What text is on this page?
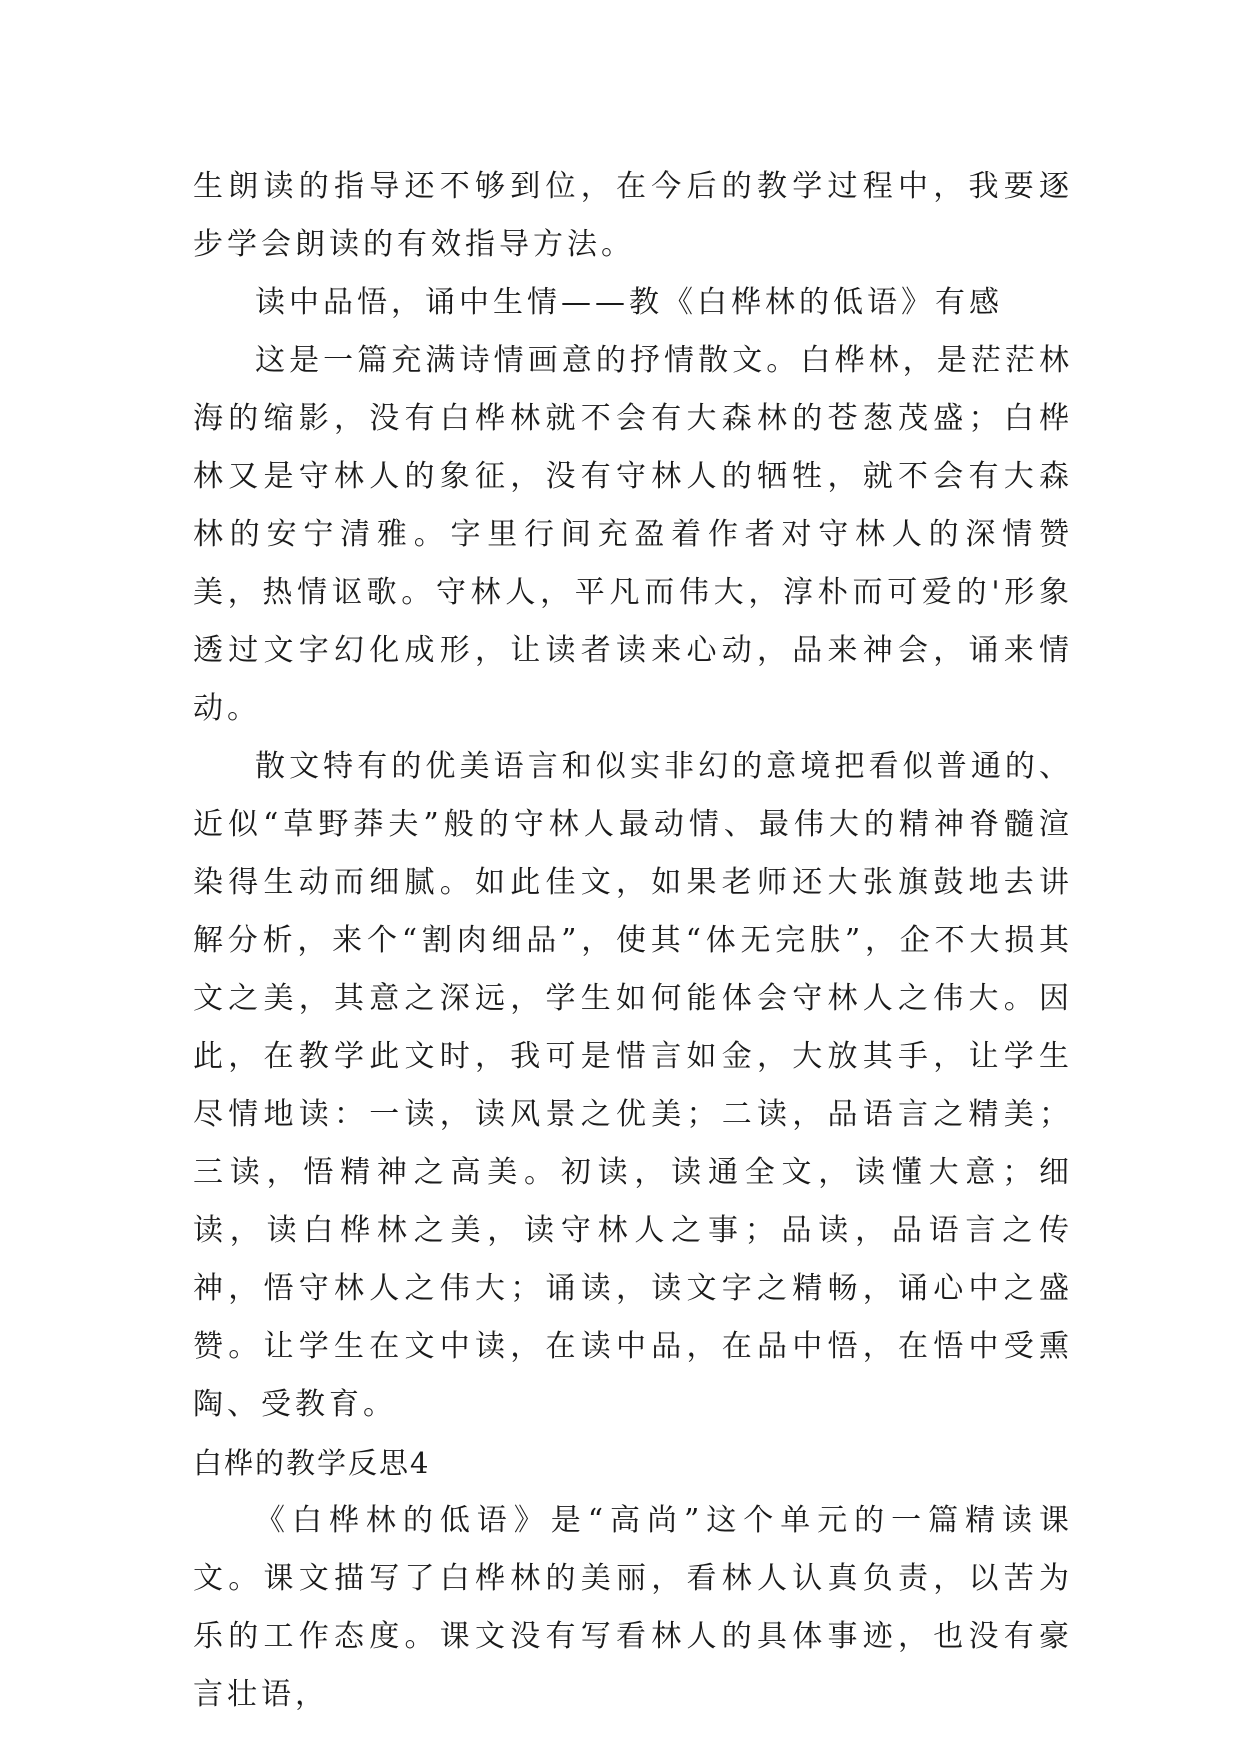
生朗读的指导还不够到位，在今后的教学过程中，我要逐步学会朗读的有效指导方法。

读中品悟，诵中生情——教《白桦林的低语》有感

这是一篇充满诗情画意的抒情散文。白桦林，是茫茫林海的缩影，没有白桦林就不会有大森林的苍葱茂盛；白桦林又是守林人的象征，没有守林人的牺牲，就不会有大森林的安宁清雅。字里行间充盈着作者对守林人的深情赞美，热情讴歌。守林人，平凡而伟大，淳朴而可爱的'形象透过文字幻化成形，让读者读来心动，品来神会，诵来情动。

散文特有的优美语言和似实非幻的意境把看似普通的、近似“草野莽夫”般的守林人最动情、最伟大的精神脊髓渲染得生动而细腻。如此佳文，如果老师还大张旗鼓地去讲解分析，来个“割肉细品”，使其“体无完肤”，企不大损其文之美，其意之深远，学生如何能体会守林人之伟大。因此，在教学此文时，我可是惜言如金，大放其手，让学生尽情地读：一读，读风景之优美；二读，品语言之精美；三读，悟精神之高美。初读，读通全文，读懂大意；细读，读白桦林之美，读守林人之事；品读，品语言之传神，悟守林人之伟大；诵读，读文字之精畅，诵心中之盛赞。让学生在文中读，在读中品，在品中悟，在悟中受熏陶、受教育。

白桦的教学反思4

《白桦林的低语》是“高尚”这个单元的一篇精读课文。课文描写了白桦林的美丽，看林人认真负责，以苦为乐的工作态度。课文没有写看林人的具体事迹，也没有豪言壮语，
